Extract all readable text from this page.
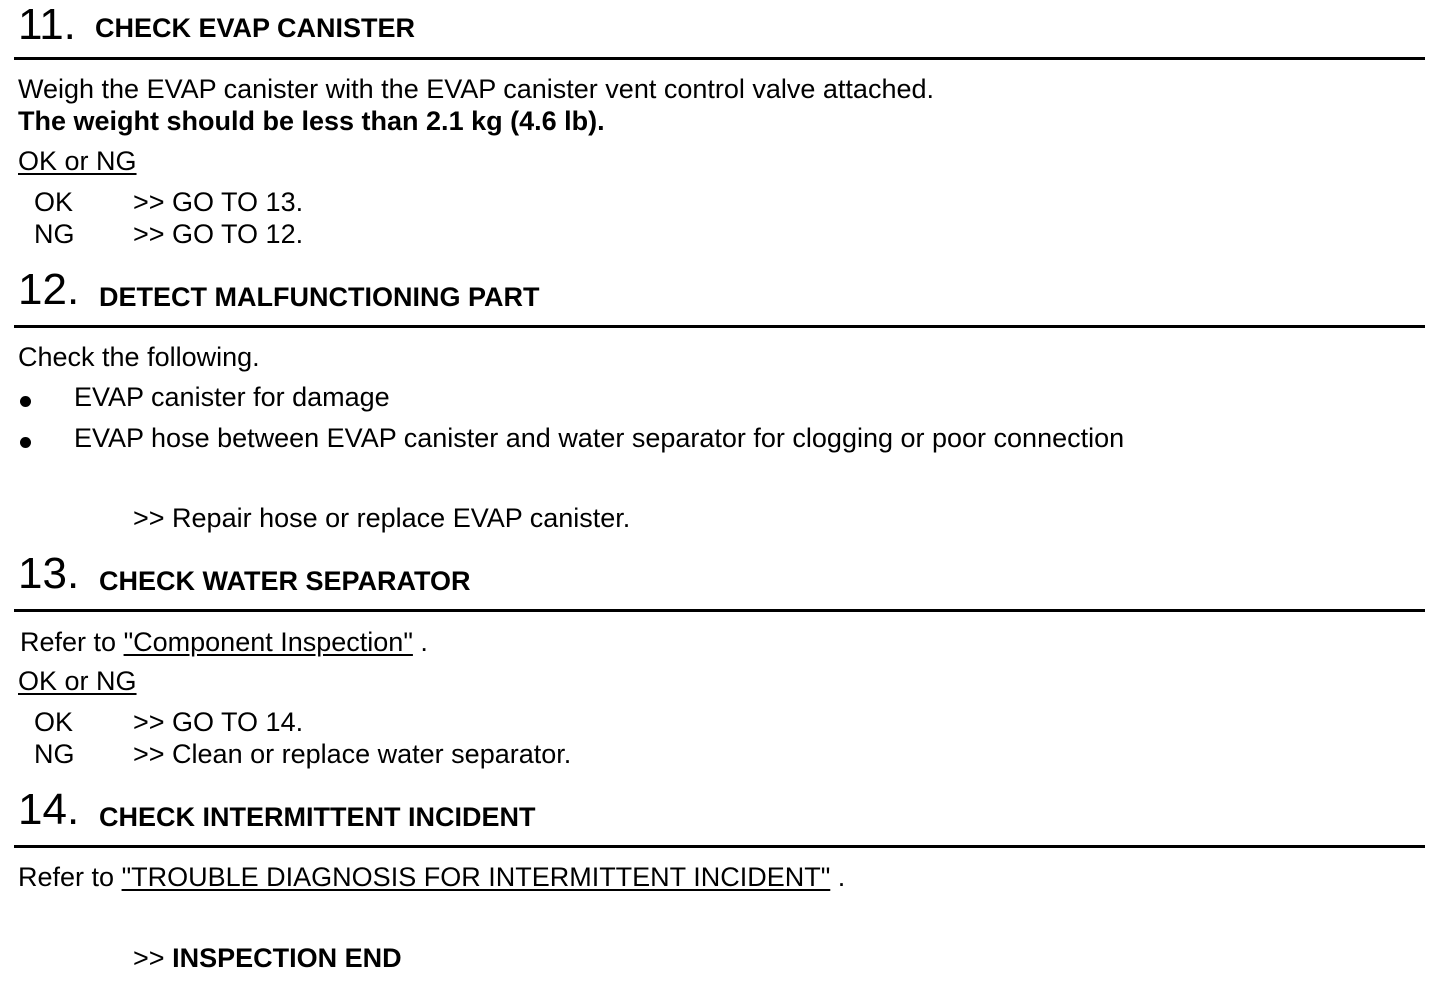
11. CHECK EVAP CANISTER
Weigh the EVAP canister with the EVAP canister vent control valve attached.
The weight should be less than 2.1 kg (4.6 lb).
OK or NG
OK >> GO TO 13.
NG >> GO TO 12.
12. DETECT MALFUNCTIONING PART
Check the following.
EVAP canister for damage
EVAP hose between EVAP canister and water separator for clogging or poor connection
>> Repair hose or replace EVAP canister.
13. CHECK WATER SEPARATOR
Refer to "Component Inspection" .
OK or NG
OK >> GO TO 14.
NG >> Clean or replace water separator.
14. CHECK INTERMITTENT INCIDENT
Refer to "TROUBLE DIAGNOSIS FOR INTERMITTENT INCIDENT" .
>> INSPECTION END
